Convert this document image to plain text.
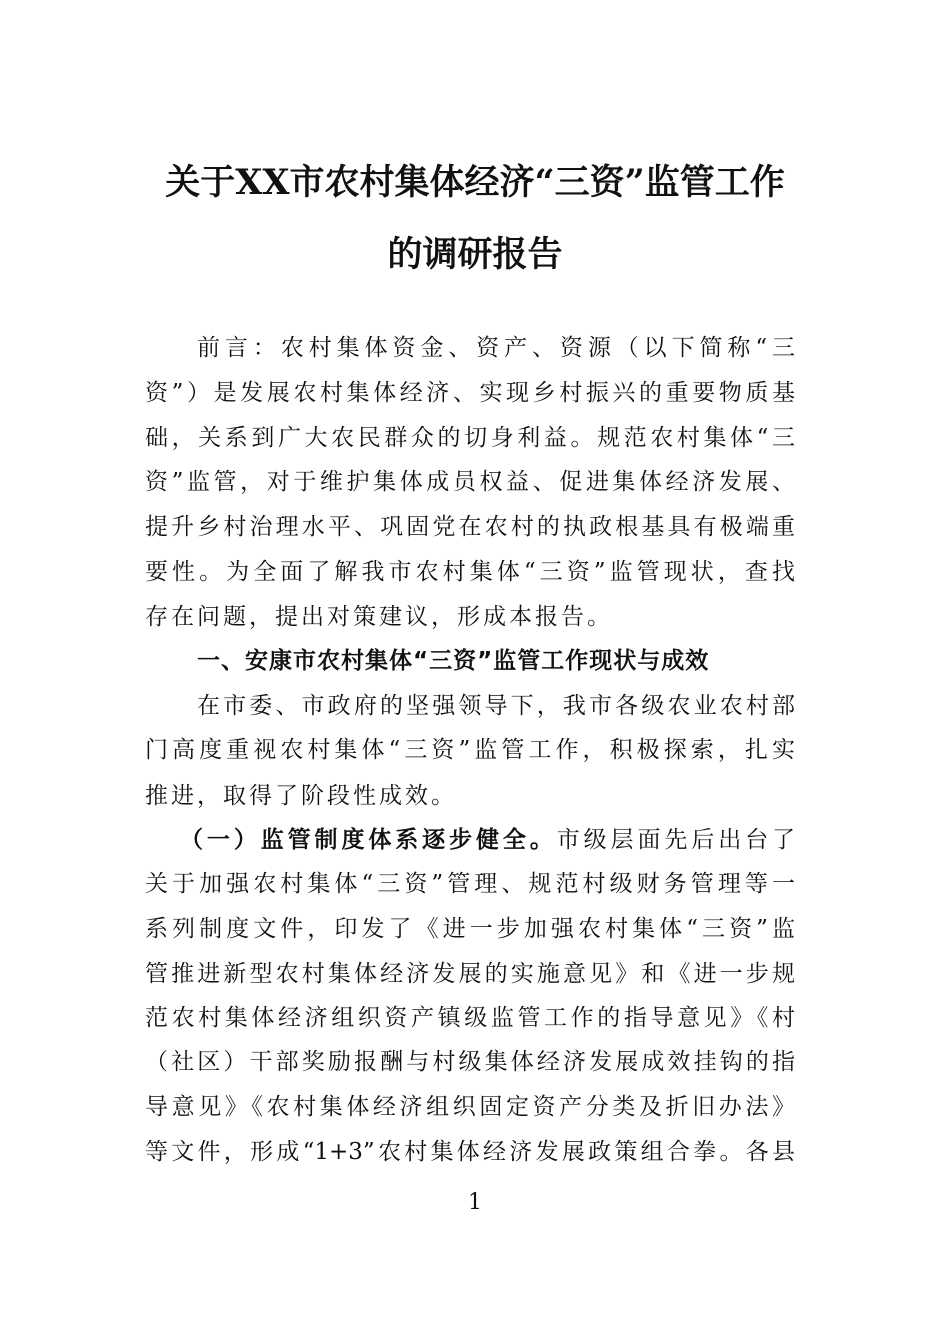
关于XX市农村集体经济“三资”监管工作
的调研报告
前言：农村集体资金、资产、资源（以下简称“三
资”）是发展农村集体经济、实现乡村振兴的重要物质基
础，关系到广大农民群众的切身利益。规范农村集体“三
资”监管，对于维护集体成员权益、促进集体经济发展、
提升乡村治理水平、巩固党在农村的执政根基具有极端重
要性。为全面了解我市农村集体“三资”监管现状，查找
存在问题，提出对策建议，形成本报告。
一、安康市农村集体“三资”监管工作现状与成效
在市委、市政府的坚强领导下，我市各级农业农村部
门高度重视农村集体“三资”监管工作，积极探索，扎实
推进，取得了阶段性成效。
（一）监管制度体系逐步健全。市级层面先后出台了
关于加强农村集体“三资”管理、规范村级财务管理等一
系列制度文件，印发了《进一步加强农村集体“三资”监
管推进新型农村集体经济发展的实施意见》和《进一步规
范农村集体经济组织资产镇级监管工作的指导意见》《村
（社区）干部奖励报酬与村级集体经济发展成效挂钩的指
导意见》《农村集体经济组织固定资产分类及折旧办法》
等文件，形成“1+3”农村集体经济发展政策组合拳。各县
1
